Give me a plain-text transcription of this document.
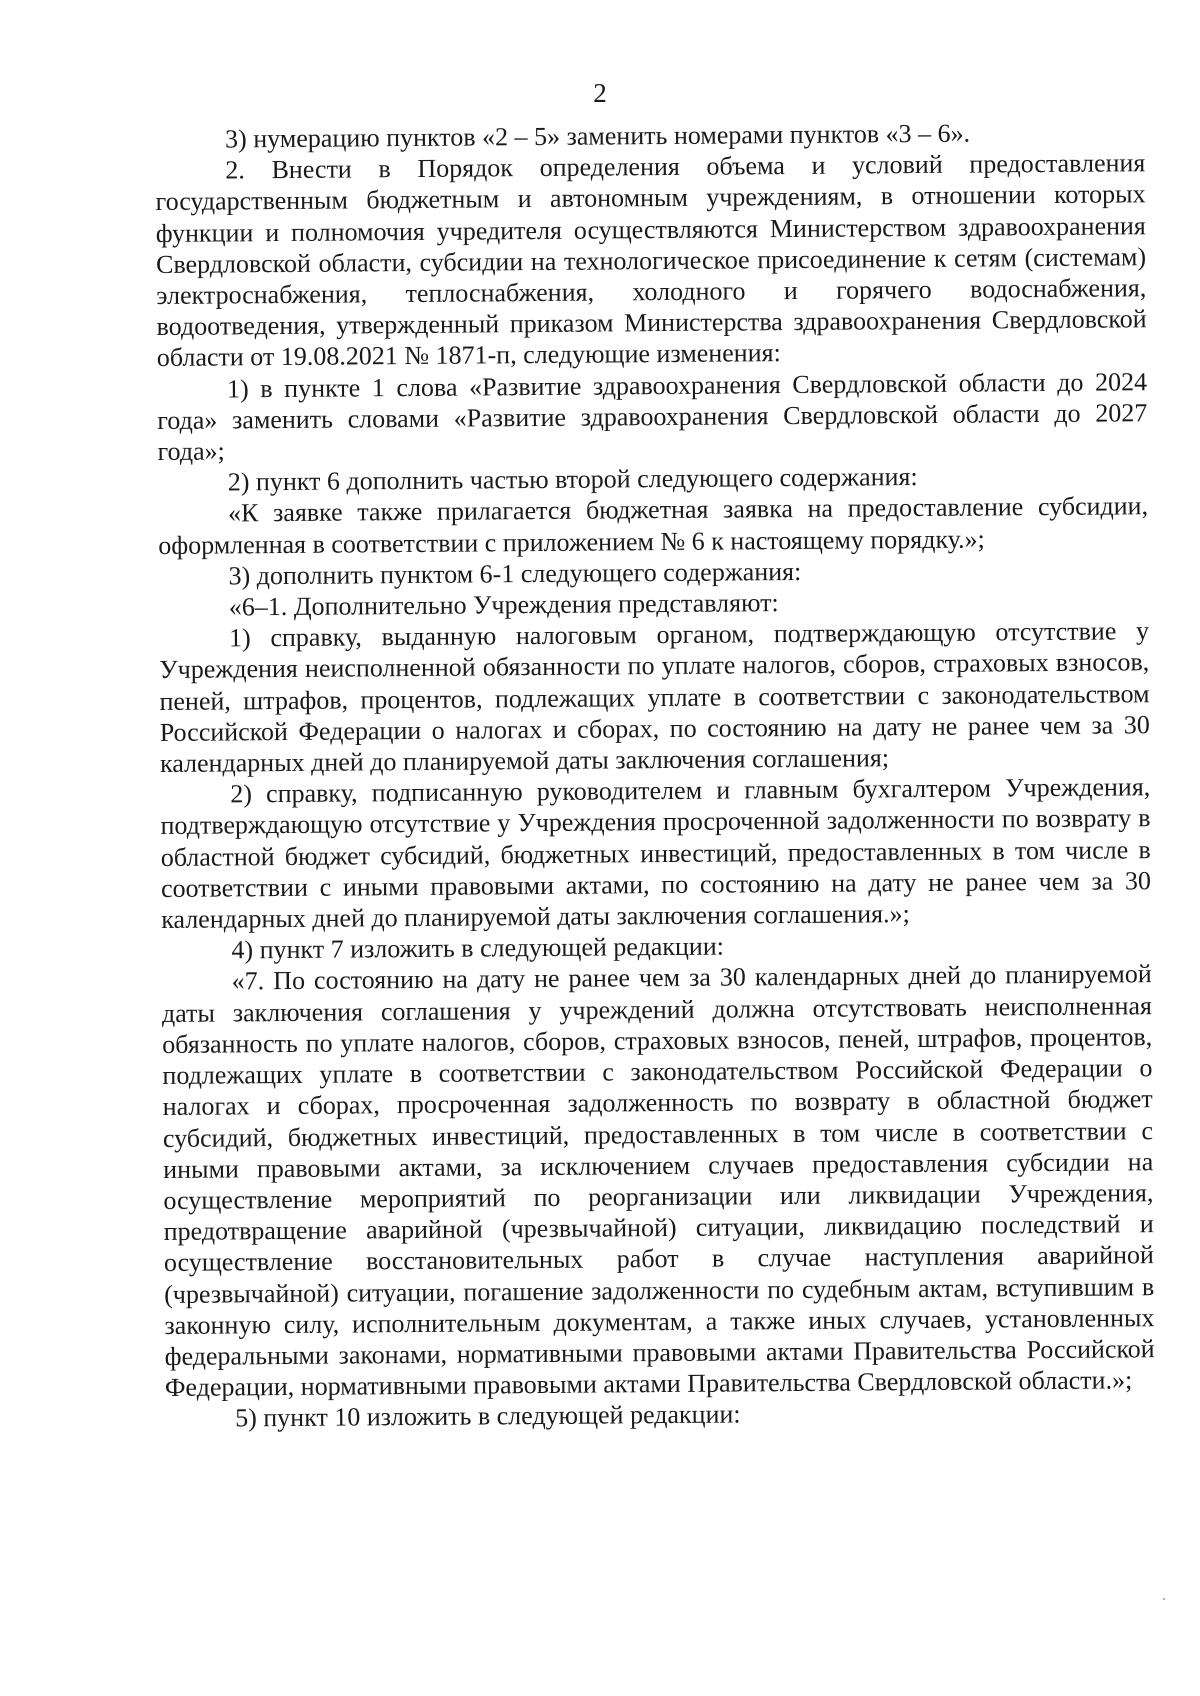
2

3) нумерацию пунктов «2 – 5» заменить номерами пунктов «3 – 6».

2. Внести в Порядок определения объема и условий предоставления государственным бюджетным и автономным учреждениям, в отношении которых функции и полномочия учредителя осуществляются Министерством здравоохранения Свердловской области, субсидии на технологическое присоединение к сетям (системам) электроснабжения, теплоснабжения, холодного и горячего водоснабжения, водоотведения, утвержденный приказом Министерства здравоохранения Свердловской области от 19.08.2021 № 1871-п, следующие изменения:

1) в пункте 1 слова «Развитие здравоохранения Свердловской области до 2024 года» заменить словами «Развитие здравоохранения Свердловской области до 2027 года»;

2) пункт 6 дополнить частью второй следующего содержания:

«К заявке также прилагается бюджетная заявка на предоставление субсидии, оформленная в соответствии с приложением № 6 к настоящему порядку.»;

3) дополнить пунктом 6-1 следующего содержания:

«6–1. Дополнительно Учреждения представляют:

1) справку, выданную налоговым органом, подтверждающую отсутствие у Учреждения неисполненной обязанности по уплате налогов, сборов, страховых взносов, пеней, штрафов, процентов, подлежащих уплате в соответствии с законодательством Российской Федерации о налогах и сборах, по состоянию на дату не ранее чем за 30 календарных дней до планируемой даты заключения соглашения;

2) справку, подписанную руководителем и главным бухгалтером Учреждения, подтверждающую отсутствие у Учреждения просроченной задолженности по возврату в областной бюджет субсидий, бюджетных инвестиций, предоставленных в том числе в соответствии с иными правовыми актами, по состоянию на дату не ранее чем за 30 календарных дней до планируемой даты заключения соглашения.»;

4) пункт 7 изложить в следующей редакции:

«7. По состоянию на дату не ранее чем за 30 календарных дней до планируемой даты заключения соглашения у учреждений должна отсутствовать неисполненная обязанность по уплате налогов, сборов, страховых взносов, пеней, штрафов, процентов, подлежащих уплате в соответствии с законодательством Российской Федерации о налогах и сборах, просроченная задолженность по возврату в областной бюджет субсидий, бюджетных инвестиций, предоставленных в том числе в соответствии с иными правовыми актами, за исключением случаев предоставления субсидии на осуществление мероприятий по реорганизации или ликвидации Учреждения, предотвращение аварийной (чрезвычайной) ситуации, ликвидацию последствий и осуществление восстановительных работ в случае наступления аварийной (чрезвычайной) ситуации, погашение задолженности по судебным актам, вступившим в законную силу, исполнительным документам, а также иных случаев, установленных федеральными законами, нормативными правовыми актами Правительства Российской Федерации, нормативными правовыми актами Правительства Свердловской области.»;

5) пункт 10 изложить в следующей редакции:
